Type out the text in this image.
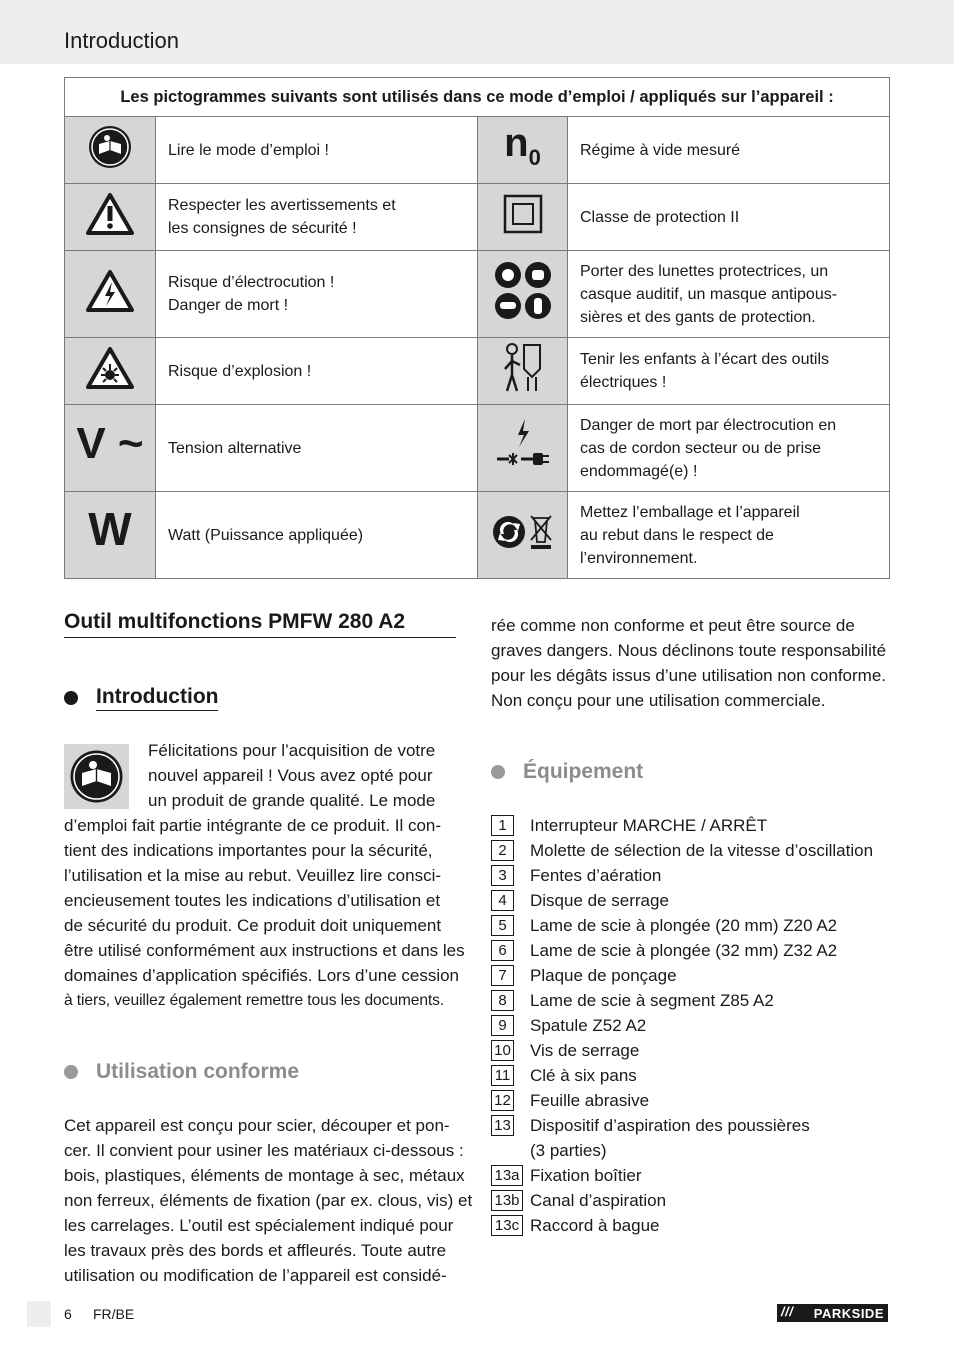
Introduction
Les pictogrammes suivants sont utilisés dans ce mode d’emploi / appliqués sur l’appareil :			

Lire le mode d’emploi !	$n_0$	Régime à vide mesuré

Respecter les avertissements et
les consignes de sécurité !		Classe de protection II

Risque d’électrocution !
Danger de mort !		Porter des lunettes protectrices, un
casque auditif, un masque antipous-
sières et des gants de protection.

Risque d’explosion !		Tenir les enfants à l’écart des outils
électriques !

V ~	Tension alternative		Danger de mort par électrocution en
cas de cordon secteur ou de prise
endommagé(e) !

W	Watt (Puissance appliquée)		Mettez l’emballage et l’appareil
au rebut dans le respect de
l’environnement.
Outil multifonctions PMFW 280 A2
Introduction
Félicitations pour l’acquisition de votre
nouvel appareil ! Vous avez opté pour
un produit de grande qualité. Le mode
d’emploi fait partie intégrante de ce produit. Il con-
tient des indications importantes pour la sécurité,
l’utilisation et la mise au rebut. Veuillez lire consci-
encieusement toutes les indications d’utilisation et
de sécurité du produit. Ce produit doit uniquement
être utilisé conformément aux instructions et dans les
domaines d’application spécifiés. Lors d’une cession
à tiers, veuillez également remettre tous les documents.
Utilisation conforme
Cet appareil est conçu pour scier, découper et pon-
cer. Il convient pour usiner les matériaux ci-dessous :
bois, plastiques, éléments de montage à sec, métaux
non ferreux, éléments de fixation (par ex. clous, vis) et
les carrelages. L’outil est spécialement indiqué pour
les travaux près des bords et affleurés. Toute autre
utilisation ou modification de l’appareil est considé-
rée comme non conforme et peut être source de
graves dangers. Nous déclinons toute responsabilité
pour les dégâts issus d’une utilisation non conforme.
Non conçu pour une utilisation commerciale.
Équipement
1	Interrupteur MARCHE / ARRÊT
2	Molette de sélection de la vitesse d’oscillation
3	Fentes d’aération
4	Disque de serrage
5	Lame de scie à plongée (20 mm) Z20 A2
6	Lame de scie à plongée (32 mm) Z32 A2
7	Plaque de ponçage
8	Lame de scie à segment Z85 A2
9	Spatule Z52 A2
10 Vis de serrage
11 Clé à six pans
12 Feuille abrasive
13 Dispositif d’aspiration des poussières
(3 parties)
13a Fixation boîtier
13b Canal d’aspiration
13c Raccord à bague
6 FR/BE	/// PARKSIDE
